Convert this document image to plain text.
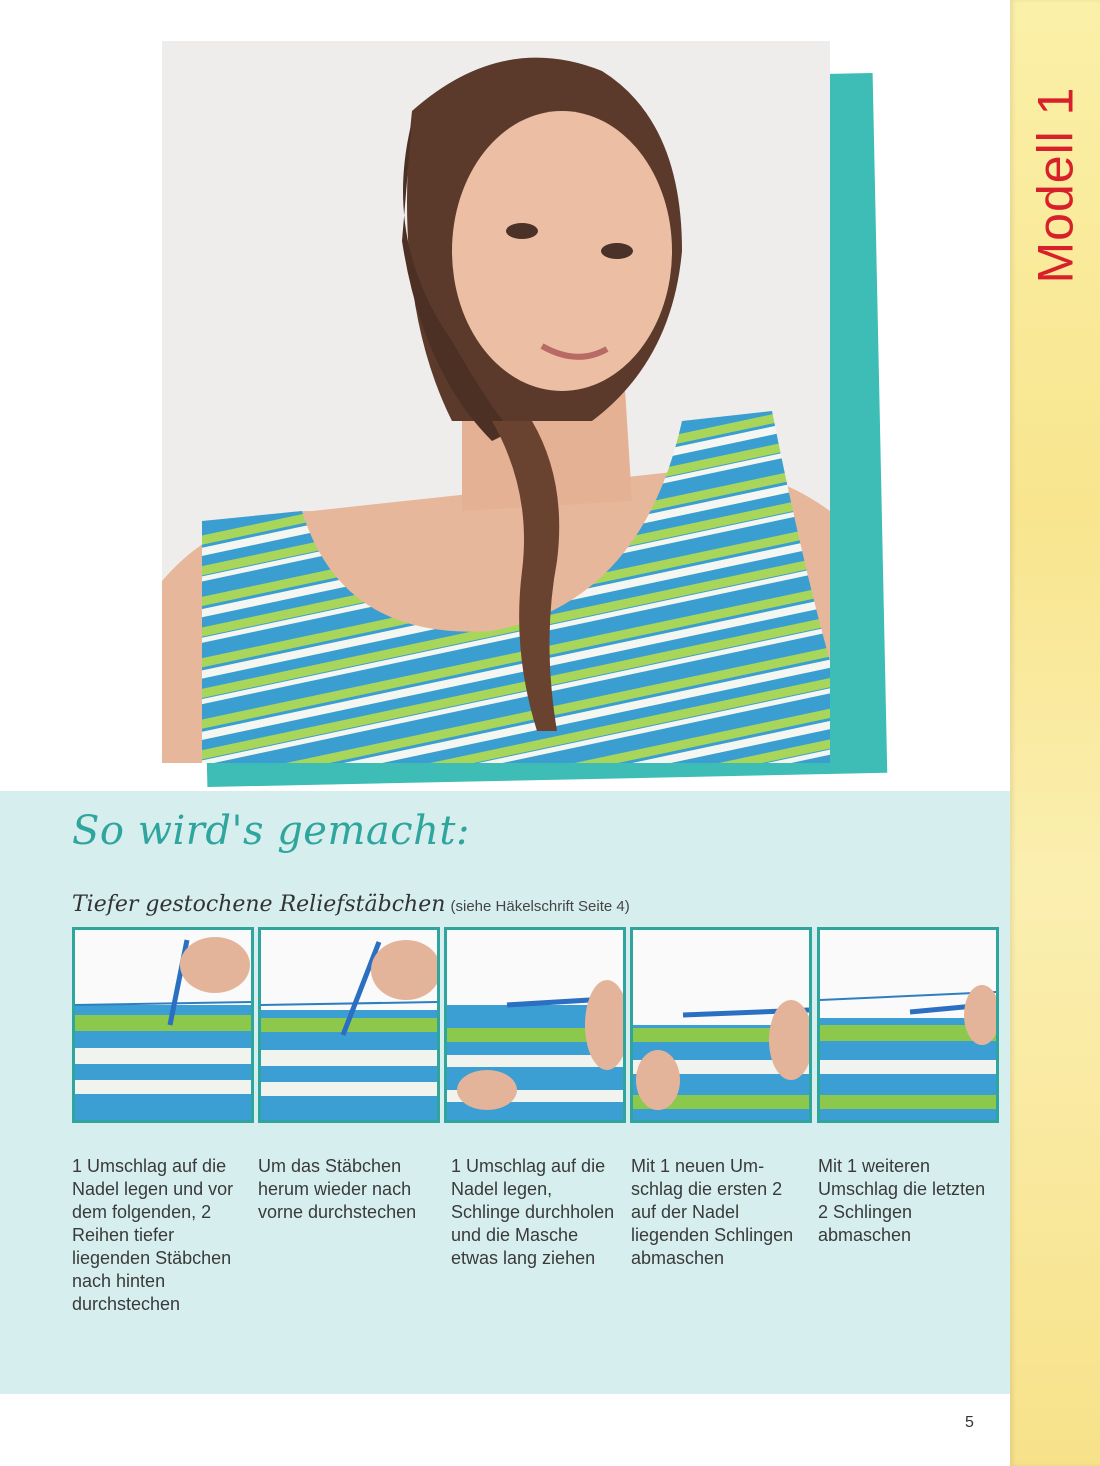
Modell 1
So wird's gemacht:
Tiefer gestochene Reliefstäbchen (siehe Häkelschrift Seite 4)
1 Umschlag auf die Nadel legen und vor dem folgenden, 2 Reihen tiefer liegenden Stäbchen nach hinten durchstechen
Um das Stäbchen herum wieder nach vorne durchstechen
1 Umschlag auf die Nadel legen, Schlinge durchholen und die Masche etwas lang ziehen
Mit 1 neuen Umschlag die ersten 2 auf der Nadel liegenden Schlingen abmaschen
Mit 1 weiteren Umschlag die letzten 2 Schlingen abmaschen
5
